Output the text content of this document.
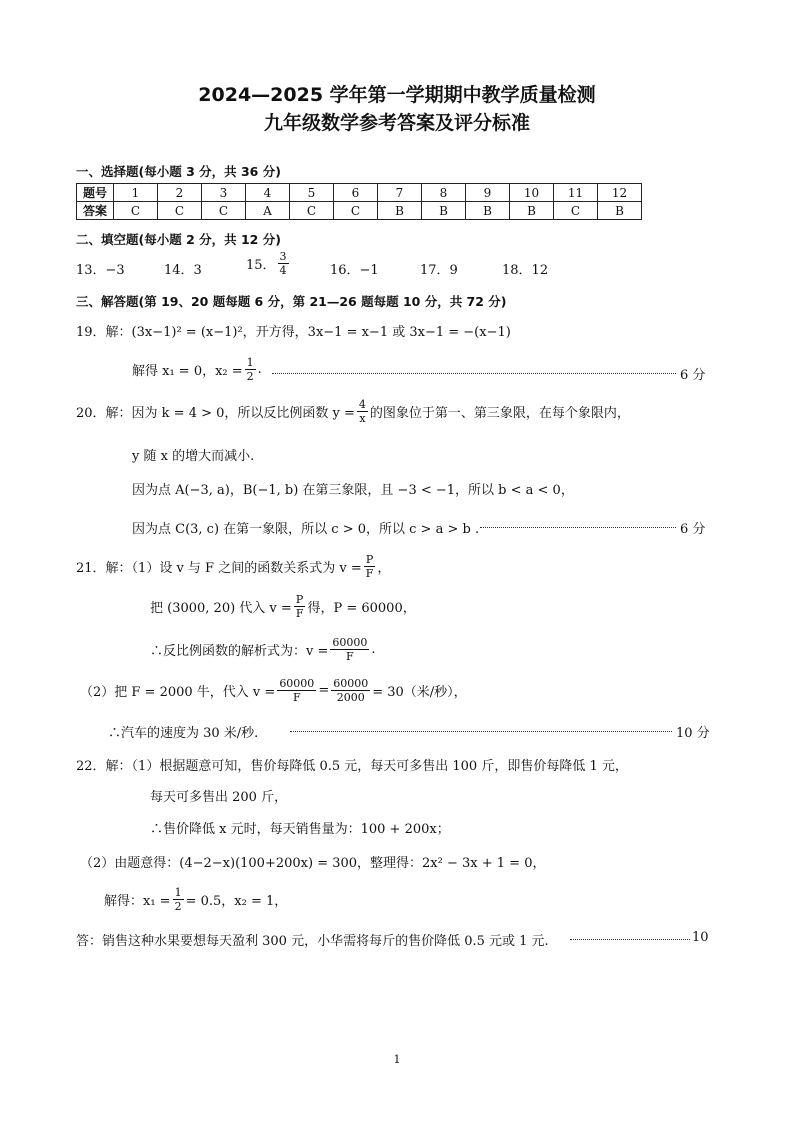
2024—2025 学年第一学期期中教学质量检测
九年级数学参考答案及评分标准
一、选择题(每小题 3 分，共 36 分)
题号	1	2	3	4	5	6	7	8	9	10	11	12
答案	C	C	C	A	C	C	B	B	B	B	C	B
二、填空题(每小题 2 分，共 12 分)
13．−3	14．3	15． $\frac{3}{4}$	16．−1	17．9	18．12
三、解答题(第 19、20 题每题 6 分，第 21—26 题每题 10 分，共 72 分)
19．解：(3x−1)² = (x−1)²，开方得，3x−1 = x−1 或 3x−1 = −(x−1)
解得 x₁ = 0，$x_2 = \frac{1}{2}$ .	6 分
20．解：因为 k = 4 > 0，所以反比例函数 $y = \frac{4}{x}$ 的图象位于第一、第三象限，在每个象限内，
y 随 x 的增大而减小.
因为点 A(−3, a)，B(−1, b) 在第三象限，且 −3 < −1，所以 b < a < 0，
因为点 C(3, c) 在第一象限，所以 c > 0，所以 c > a > b .	6 分
21．解：（1）设 v 与 F 之间的函数关系式为 $v = \frac{P}{F}$ ，
把 (3000, 20) 代入 $v = \frac{P}{F}$ 得，P = 60000，
∴反比例函数的解析式为：$v = \frac{60000}{F}$ .
（2）把 F = 2000 牛，代入 $v = \frac{60000}{F} = \frac{60000}{2000} = 30$（米/秒），
∴汽车的速度为 30 米/秒.	10 分
22．解：（1）根据题意可知，售价每降低 0.5 元，每天可多售出 100 斤，即售价每降低 1 元，
每天可多售出 200 斤，
∴售价降低 x 元时，每天销售量为：100 + 200x；
（2）由题意得：(4−2−x)(100+200x) = 300，整理得：2x² − 3x + 1 = 0，
解得：$x_1 = \frac{1}{2} = 0.5$，x₂ = 1，
答：销售这种水果要想每天盈利 300 元，小华需将每斤的售价降低 0.5 元或 1 元.	10
1
